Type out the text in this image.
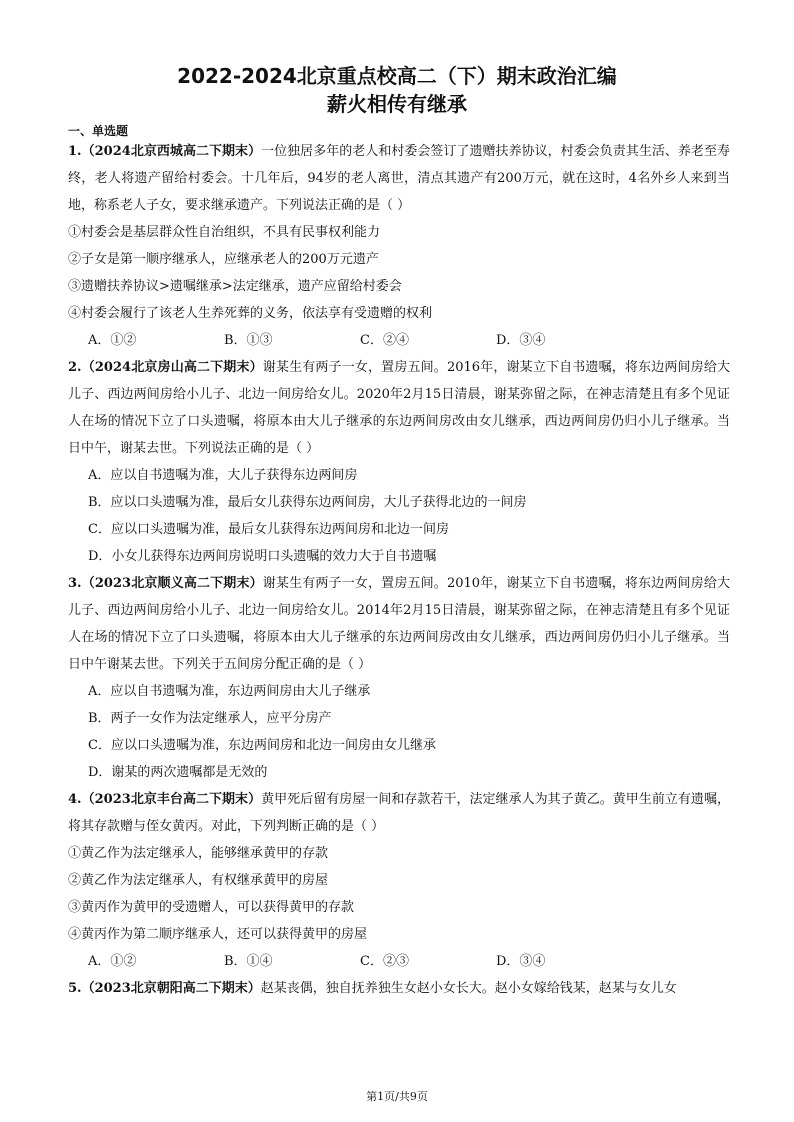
2022-2024北京重点校高二（下）期末政治汇编
薪火相传有继承

一、单选题

1.（2024北京西城高二下期末）一位独居多年的老人和村委会签订了遗赠扶养协议，村委会负责其生活、养老至寿终，老人将遗产留给村委会。十几年后，94岁的老人离世，清点其遗产有200万元，就在这时，4名外乡人来到当地，称系老人子女，要求继承遗产。下列说法正确的是（ ）

①村委会是基层群众性自治组织，不具有民事权利能力

②子女是第一顺序继承人，应继承老人的200万元遗产

③遗赠扶养协议>遗嘱继承>法定继承，遗产应留给村委会

④村委会履行了该老人生养死葬的义务，依法享有受遗赠的权利

A．①②	B．①③	C．②④	D．③④

2.（2024北京房山高二下期末）谢某生有两子一女，置房五间。2016年，谢某立下自书遗嘱，将东边两间房给大儿子、西边两间房给小儿子、北边一间房给女儿。2020年2月15日清晨，谢某弥留之际，在神志清楚且有多个见证人在场的情况下立了口头遗嘱，将原本由大儿子继承的东边两间房改由女儿继承，西边两间房仍归小儿子继承。当日中午，谢某去世。下列说法正确的是（ ）

A．应以自书遗嘱为准，大儿子获得东边两间房

B．应以口头遗嘱为准，最后女儿获得东边两间房，大儿子获得北边的一间房

C．应以口头遗嘱为准，最后女儿获得东边两间房和北边一间房

D．小女儿获得东边两间房说明口头遗嘱的效力大于自书遗嘱

3.（2023北京顺义高二下期末）谢某生有两子一女，置房五间。2010年，谢某立下自书遗嘱，将东边两间房给大儿子、西边两间房给小儿子、北边一间房给女儿。2014年2月15日清晨，谢某弥留之际，在神志清楚且有多个见证人在场的情况下立了口头遗嘱，将原本由大儿子继承的东边两间房改由女儿继承，西边两间房仍归小儿子继承。当日中午谢某去世。下列关于五间房分配正确的是（ ）

A．应以自书遗嘱为准，东边两间房由大儿子继承

B．两子一女作为法定继承人，应平分房产

C．应以口头遗嘱为准，东边两间房和北边一间房由女儿继承

D．谢某的两次遗嘱都是无效的

4.（2023北京丰台高二下期末）黄甲死后留有房屋一间和存款若干，法定继承人为其子黄乙。黄甲生前立有遗嘱，将其存款赠与侄女黄丙。对此，下列判断正确的是（ ）

①黄乙作为法定继承人，能够继承黄甲的存款

②黄乙作为法定继承人，有权继承黄甲的房屋

③黄丙作为黄甲的受遗赠人，可以获得黄甲的存款

④黄丙作为第二顺序继承人，还可以获得黄甲的房屋

A．①②	B．①④	C．②③	D．③④

5.（2023北京朝阳高二下期末）赵某丧偶，独自抚养独生女赵小女长大。赵小女嫁给钱某，赵某与女儿女

第1页/共9页
